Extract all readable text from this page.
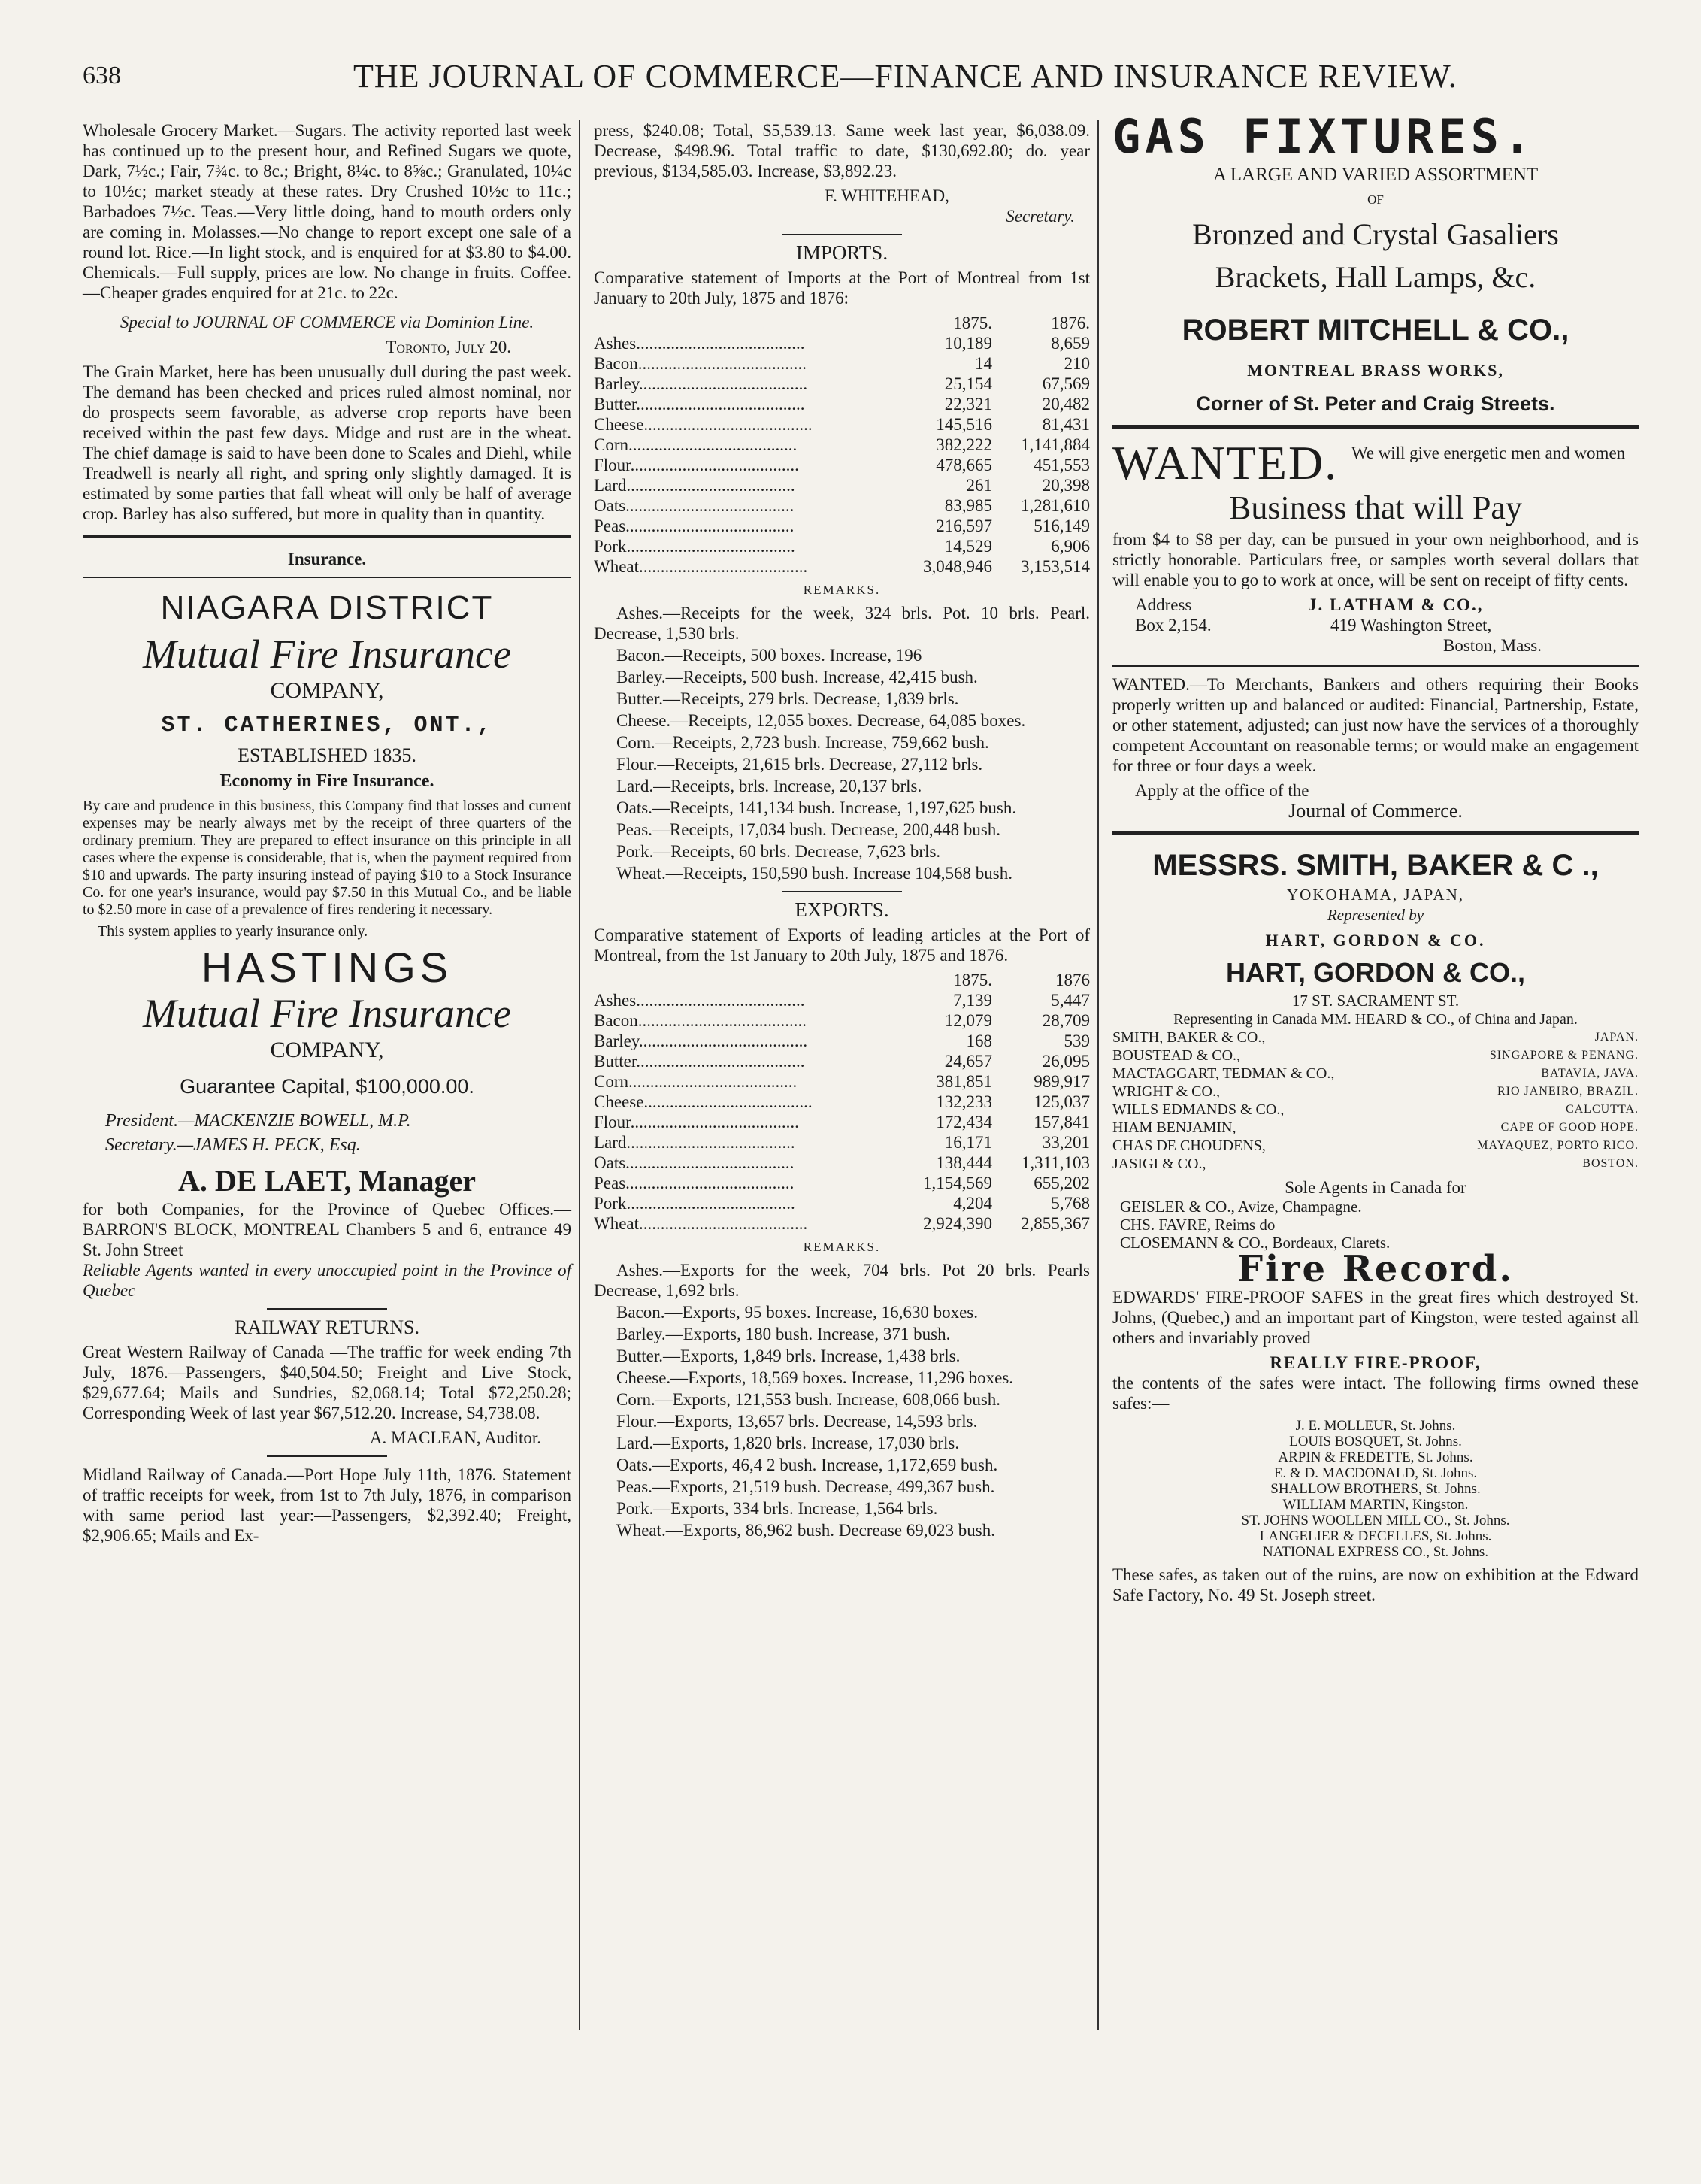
638	THE JOURNAL OF COMMERCE—FINANCE AND INSURANCE REVIEW.

Wholesale Grocery Market.—Sugars. The activity reported last week has continued up to the present hour, and Refined Sugars we quote, Dark, 7½c.; Fair, 7¾c. to 8c.; Bright, 8¼c. to 8⅝c.; Granulated, 10¼c to 10½c; market steady at these rates. Dry Crushed 10½c to 11c.; Barbadoes 7½c. Teas.—Very little doing, hand to mouth orders only are coming in. Molasses.—No change to report except one sale of a round lot. Rice.—In light stock, and is enquired for at $3.80 to $4.00. Chemicals.—Full supply, prices are low. No change in fruits. Coffee.—Cheaper grades enquired for at 21c. to 22c.

Special to JOURNAL OF COMMERCE via Dominion Line.

Toronto, July 20.

The Grain Market, here has been unusually dull during the past week. The demand has been checked and prices ruled almost nominal, nor do prospects seem favorable, as adverse crop reports have been received within the past few days. Midge and rust are in the wheat. The chief damage is said to have been done to Scales and Diehl, while Treadwell is nearly all right, and spring only slightly damaged. It is estimated by some parties that fall wheat will only be half of average crop. Barley has also suffered, but more in quality than in quantity.

Insurance.
NIAGARA DISTRICT
Mutual Fire Insurance
COMPANY,
ST. CATHERINES, ONT.,
ESTABLISHED 1835.
Economy in Fire Insurance.

By care and prudence in this business, this Company find that losses and current expenses may be nearly always met by the receipt of three quarters of the ordinary premium. They are prepared to effect insurance on this principle in all cases where the expense is considerable, that is, when the payment required from $10 and upwards. The party insuring instead of paying $10 to a Stock Insurance Co. for one year's insurance, would pay $7.50 in this Mutual Co., and be liable to $2.50 more in case of a prevalence of fires rendering it necessary.

This system applies to yearly insurance only.

HASTINGS
Mutual Fire Insurance
COMPANY,
Guarantee Capital, $100,000.00.
President.—MACKENZIE BOWELL, M.P.
Secretary.—JAMES H. PECK, Esq.
A. DE LAET, Manager

for both Companies, for the Province of Quebec Offices.—BARRON'S BLOCK, MONTREAL Chambers 5 and 6, entrance 49 St. John Street

Reliable Agents wanted in every unoccupied point in the Province of Quebec

RAILWAY RETURNS.

Great Western Railway of Canada —The traffic for week ending 7th July, 1876.—Passengers, $40,504.50; Freight and Live Stock, $29,677.64; Mails and Sundries, $2,068.14; Total $72,250.28; Corresponding Week of last year $67,512.20. Increase, $4,738.08.

A. MACLEAN, Auditor.

Midland Railway of Canada.—Port Hope July 11th, 1876. Statement of traffic receipts for week, from 1st to 7th July, 1876, in comparison with same period last year:—Passengers, $2,392.40; Freight, $2,906.65; Mails and Ex-

press, $240.08; Total, $5,539.13. Same week last year, $6,038.09. Decrease, $498.96. Total traffic to date, $130,692.80; do. year previous, $134,585.03. Increase, $3,892.23.

F. WHITEHEAD,
Secretary.
IMPORTS.

Comparative statement of Imports at the Port of Montreal from 1st January to 20th July, 1875 and 1876:

	1875.	1876.
Ashes.......................................	10,189	8,659
Bacon.......................................	14	210
Barley.......................................	25,154	67,569
Butter.......................................	22,321	20,482
Cheese.......................................	145,516	81,431
Corn.......................................	382,222	1,141,884
Flour.......................................	478,665	451,553
Lard.......................................	261	20,398
Oats.......................................	83,985	1,281,610
Peas.......................................	216,597	516,149
Pork.......................................	14,529	6,906
Wheat.......................................	3,048,946	3,153,514
REMARKS.

Ashes.—Receipts for the week, 324 brls. Pot. 10 brls. Pearl. Decrease, 1,530 brls.

Bacon.—Receipts, 500 boxes. Increase, 196

Barley.—Receipts, 500 bush. Increase, 42,415 bush.

Butter.—Receipts, 279 brls. Decrease, 1,839 brls.

Cheese.—Receipts, 12,055 boxes. Decrease, 64,085 boxes.

Corn.—Receipts, 2,723 bush. Increase, 759,662 bush.

Flour.—Receipts, 21,615 brls. Decrease, 27,112 brls.

Lard.—Receipts, brls. Increase, 20,137 brls.

Oats.—Receipts, 141,134 bush. Increase, 1,197,625 bush.

Peas.—Receipts, 17,034 bush. Decrease, 200,448 bush.

Pork.—Receipts, 60 brls. Decrease, 7,623 brls.

Wheat.—Receipts, 150,590 bush. Increase 104,568 bush.

EXPORTS.

Comparative statement of Exports of leading articles at the Port of Montreal, from the 1st January to 20th July, 1875 and 1876.

	1875.	1876
Ashes.......................................	7,139	5,447
Bacon.......................................	12,079	28,709
Barley.......................................	168	539
Butter.......................................	24,657	26,095
Corn.......................................	381,851	989,917
Cheese.......................................	132,233	125,037
Flour.......................................	172,434	157,841
Lard.......................................	16,171	33,201
Oats.......................................	138,444	1,311,103
Peas.......................................	1,154,569	655,202
Pork.......................................	4,204	5,768
Wheat.......................................	2,924,390	2,855,367
REMARKS.

Ashes.—Exports for the week, 704 brls. Pot 20 brls. Pearls Decrease, 1,692 brls.

Bacon.—Exports, 95 boxes. Increase, 16,630 boxes.

Barley.—Exports, 180 bush. Increase, 371 bush.

Butter.—Exports, 1,849 brls. Increase, 1,438 brls.

Cheese.—Exports, 18,569 boxes. Increase, 11,296 boxes.

Corn.—Exports, 121,553 bush. Increase, 608,066 bush.

Flour.—Exports, 13,657 brls. Decrease, 14,593 brls.

Lard.—Exports, 1,820 brls. Increase, 17,030 brls.

Oats.—Exports, 46,4 2 bush. Increase, 1,172,659 bush.

Peas.—Exports, 21,519 bush. Decrease, 499,367 bush.

Pork.—Exports, 334 brls. Increase, 1,564 brls.

Wheat.—Exports, 86,962 bush. Decrease 69,023 bush.

GAS FIXTURES.
A LARGE AND VARIED ASSORTMENT
OF
Bronzed and Crystal Gasaliers
Brackets, Hall Lamps, &c.
ROBERT MITCHELL & CO.,
MONTREAL BRASS WORKS,
Corner of St. Peter and Craig Streets.
WANTED. We will give energetic men and women
Business that will Pay

from $4 to $8 per day, can be pursued in your own neighborhood, and is strictly honorable. Particulars free, or samples worth several dollars that will enable you to go to work at once, will be sent on receipt of fifty cents.

Address
Box 2,154.
J. LATHAM & CO.,
419 Washington Street,
Boston, Mass.

WANTED.—To Merchants, Bankers and others requiring their Books properly written up and balanced or audited: Financial, Partnership, Estate, or other statement, adjusted; can just now have the services of a thoroughly competent Accountant on reasonable terms; or would make an engagement for three or four days a week.

Apply at the office of the
Journal of Commerce.
MESSRS. SMITH, BAKER & C .,
YOKOHAMA, JAPAN,
Represented by
HART, GORDON & CO.
HART, GORDON & CO.,
17 ST. SACRAMENT ST.
Representing in Canada MM. HEARD & CO., of China and Japan.
SMITH, BAKER & CO.,	JAPAN.
BOUSTEAD & CO.,	SINGAPORE & PENANG.
MACTAGGART, TEDMAN & CO.,	BATAVIA, JAVA.
WRIGHT & CO.,	RIO JANEIRO, BRAZIL.
WILLS EDMANDS & CO.,	CALCUTTA.
HIAM BENJAMIN,	CAPE OF GOOD HOPE.
CHAS DE CHOUDENS,	MAYAQUEZ, PORTO RICO.
JASIGI & CO.,	BOSTON.
Sole Agents in Canada for
GEISLER & CO., Avize, Champagne.
CHS. FAVRE, Reims do
CLOSEMANN & CO., Bordeaux, Clarets.
Fire Record.

EDWARDS' FIRE-PROOF SAFES in the great fires which destroyed St. Johns, (Quebec,) and an important part of Kingston, were tested against all others and invariably proved

REALLY FIRE-PROOF,

the contents of the safes were intact. The following firms owned these safes:—

J. E. MOLLEUR, St. Johns.
LOUIS BOSQUET, St. Johns.
ARPIN & FREDETTE, St. Johns.
E. & D. MACDONALD, St. Johns.
SHALLOW BROTHERS, St. Johns.
WILLIAM MARTIN, Kingston.
ST. JOHNS WOOLLEN MILL CO., St. Johns.
LANGELIER & DECELLES, St. Johns.
NATIONAL EXPRESS CO., St. Johns.

These safes, as taken out of the ruins, are now on exhibition at the Edward Safe Factory, No. 49 St. Joseph street.
